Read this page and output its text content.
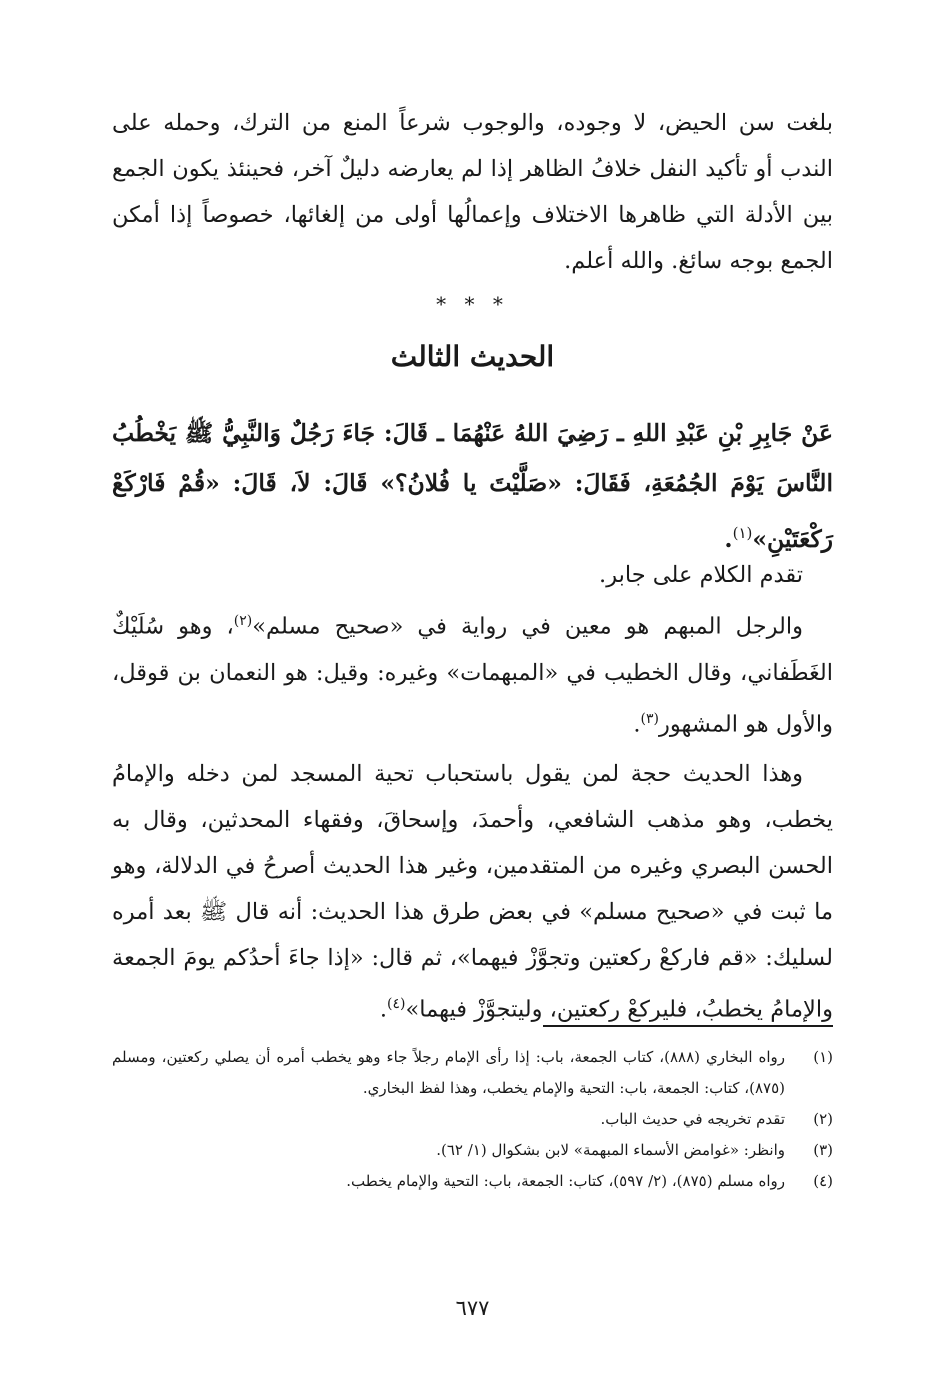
بلغت سن الحيض، لا وجوده، والوجوب شرعاً المنع من الترك، وحمله على الندب أو تأكيد النفل خلافُ الظاهر إذا لم يعارضه دليلٌ آخر، فحينئذ يكون الجمع بين الأدلة التي ظاهرها الاختلاف وإعمالُها أولى من إلغائها، خصوصاً إذا أمكن الجمع بوجه سائغ. والله أعلم.

* * *
الحديث الثالث
عَنْ جَابِرِ بْنِ عَبْدِ اللهِ ـ رَضِيَ اللهُ عَنْهُمَا ـ قَالَ: جَاءَ رَجُلٌ وَالنَّبِيُّ ﷺ يَخْطُبُ النَّاسَ يَوْمَ الجُمُعَةِ، فَقَالَ: «صَلَّيْتَ يا فُلانُ؟» قَالَ: لاَ، قَالَ: «قُمْ فَارْكَعْ رَكْعَتَيْنِ»$^{(١)}$.

تقدم الكلام على جابر.

والرجل المبهم هو معين في رواية في «صحيح مسلم»$^{(٢)}$، وهو سُلَيْكٌ الغَطَفاني، وقال الخطيب في «المبهمات» وغيره: وقيل: هو النعمان بن قوقل، والأول هو المشهور$^{(٣)}$.

وهذا الحديث حجة لمن يقول باستحباب تحية المسجد لمن دخله والإمامُ يخطب، وهو مذهب الشافعي، وأحمدَ، وإسحاقَ، وفقهاء المحدثين، وقال به الحسن البصري وغيره من المتقدمين، وغير هذا الحديث أصرحُ في الدلالة، وهو ما ثبت في «صحيح مسلم» في بعض طرق هذا الحديث: أنه قال ﷺ بعد أمره لسليك: «قم فاركعْ ركعتين وتجوَّزْ فيهما»، ثم قال: «إذا جاءَ أحدُكم يومَ الجمعة والإمامُ يخطبُ، فليركعْ ركعتين، وليتجوَّزْ فيهما»$^{(٤)}$.

(١)
رواه البخاري (٨٨٨)، كتاب الجمعة، باب: إذا رأى الإمام رجلاً جاء وهو يخطب أمره أن يصلي ركعتين، ومسلم (٨٧٥)، كتاب: الجمعة، باب: التحية والإمام يخطب، وهذا لفظ البخاري.

(٢)
تقدم تخريجه في حديث الباب.

(٣)
وانظر: «غوامض الأسماء المبهمة» لابن بشكوال (١/ ٦٢).

(٤)
رواه مسلم (٨٧٥)، (٢/ ٥٩٧)، كتاب: الجمعة، باب: التحية والإمام يخطب.

٦٧٧
